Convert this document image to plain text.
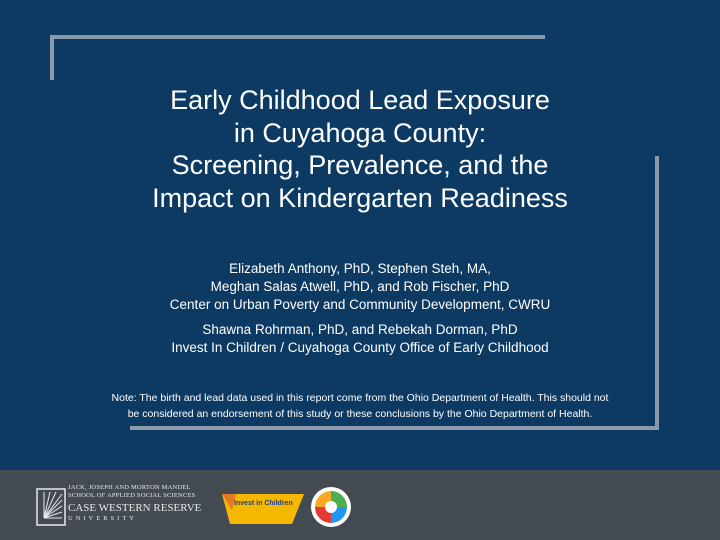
Early Childhood Lead Exposure
in Cuyahoga County:
Screening, Prevalence, and the
Impact on Kindergarten Readiness
Elizabeth Anthony, PhD, Stephen Steh, MA,
Meghan Salas Atwell, PhD, and Rob Fischer, PhD
Center on Urban Poverty and Community Development, CWRU
Shawna Rohrman, PhD, and Rebekah Dorman, PhD
Invest In Children / Cuyahoga County Office of Early Childhood
Note: The birth and lead data used in this report come from the Ohio Department of Health. This should not
be considered an endorsement of this study or these conclusions by the Ohio Department of Health.
JACK, JOSEPH AND MORTON MANDEL
SCHOOL OF APPLIED SOCIAL SCIENCES
CASE WESTERN RESERVE
UNIVERSITY
Invest in Children
